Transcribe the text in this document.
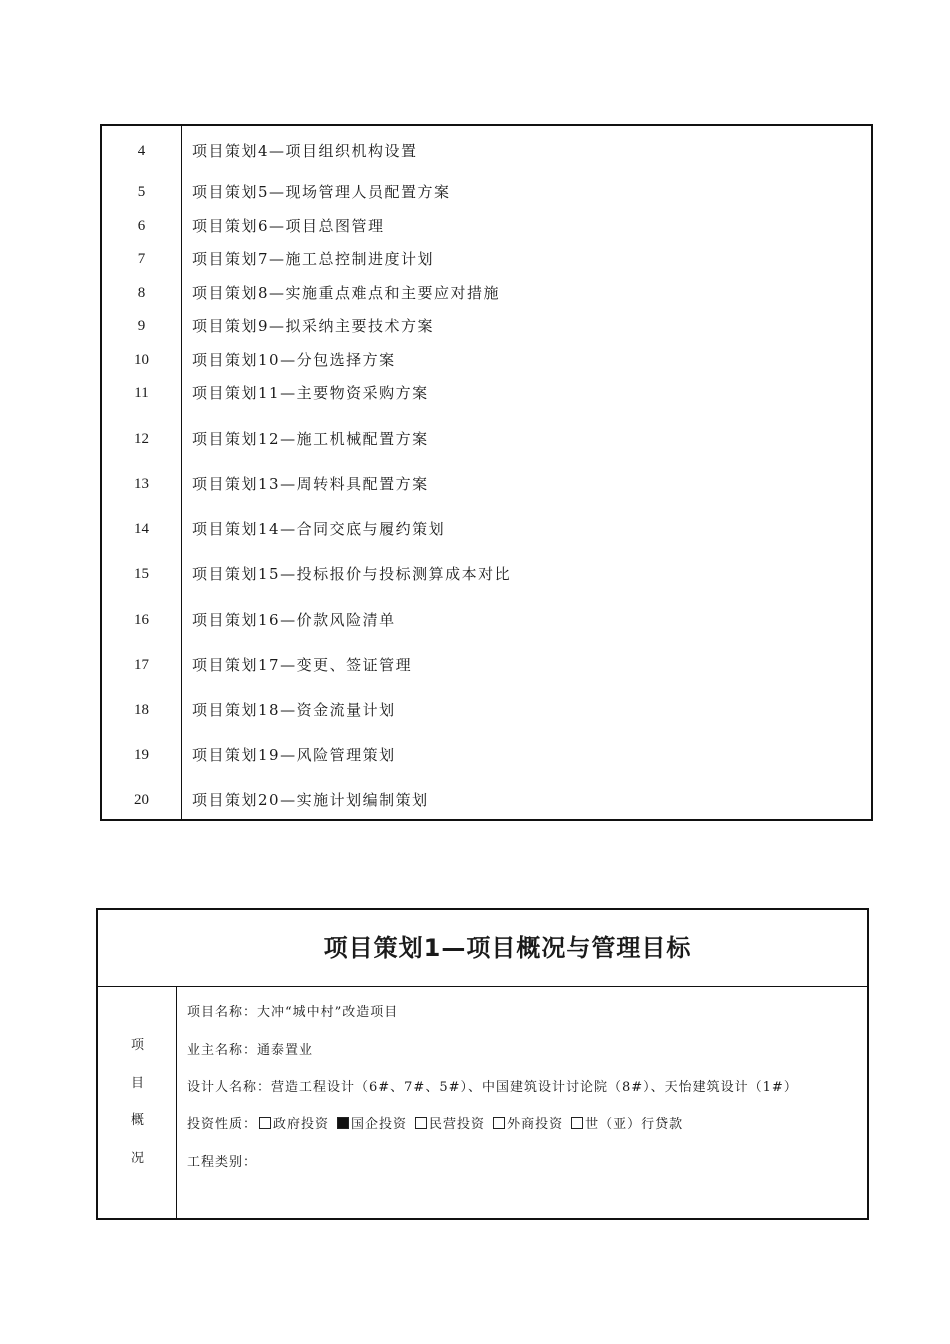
4	项目策划4—项目组织机构设置
5	项目策划5—现场管理人员配置方案
6	项目策划6—项目总图管理
7	项目策划7—施工总控制进度计划
8	项目策划8—实施重点难点和主要应对措施
9	项目策划9—拟采纳主要技术方案
10	项目策划10—分包选择方案
11	项目策划11—主要物资采购方案
12	项目策划12—施工机械配置方案
13	项目策划13—周转料具配置方案
14	项目策划14—合同交底与履约策划
15	项目策划15—投标报价与投标测算成本对比
16	项目策划16—价款风险清单
17	项目策划17—变更、签证管理
18	项目策划18—资金流量计划
19	项目策划19—风险管理策划
20	项目策划20—实施计划编制策划
项目策划1—项目概况与管理目标
项
目
概
况
项目名称：大冲“城中村”改造项目
业主名称：通泰置业
设计人名称：营造工程设计（6#、7#、5#）、中国建筑设计讨论院（8#）、天怡建筑设计（1#）
投资性质： 政府投资 国企投资 民营投资 外商投资 世（亚）行贷款
工程类别：
